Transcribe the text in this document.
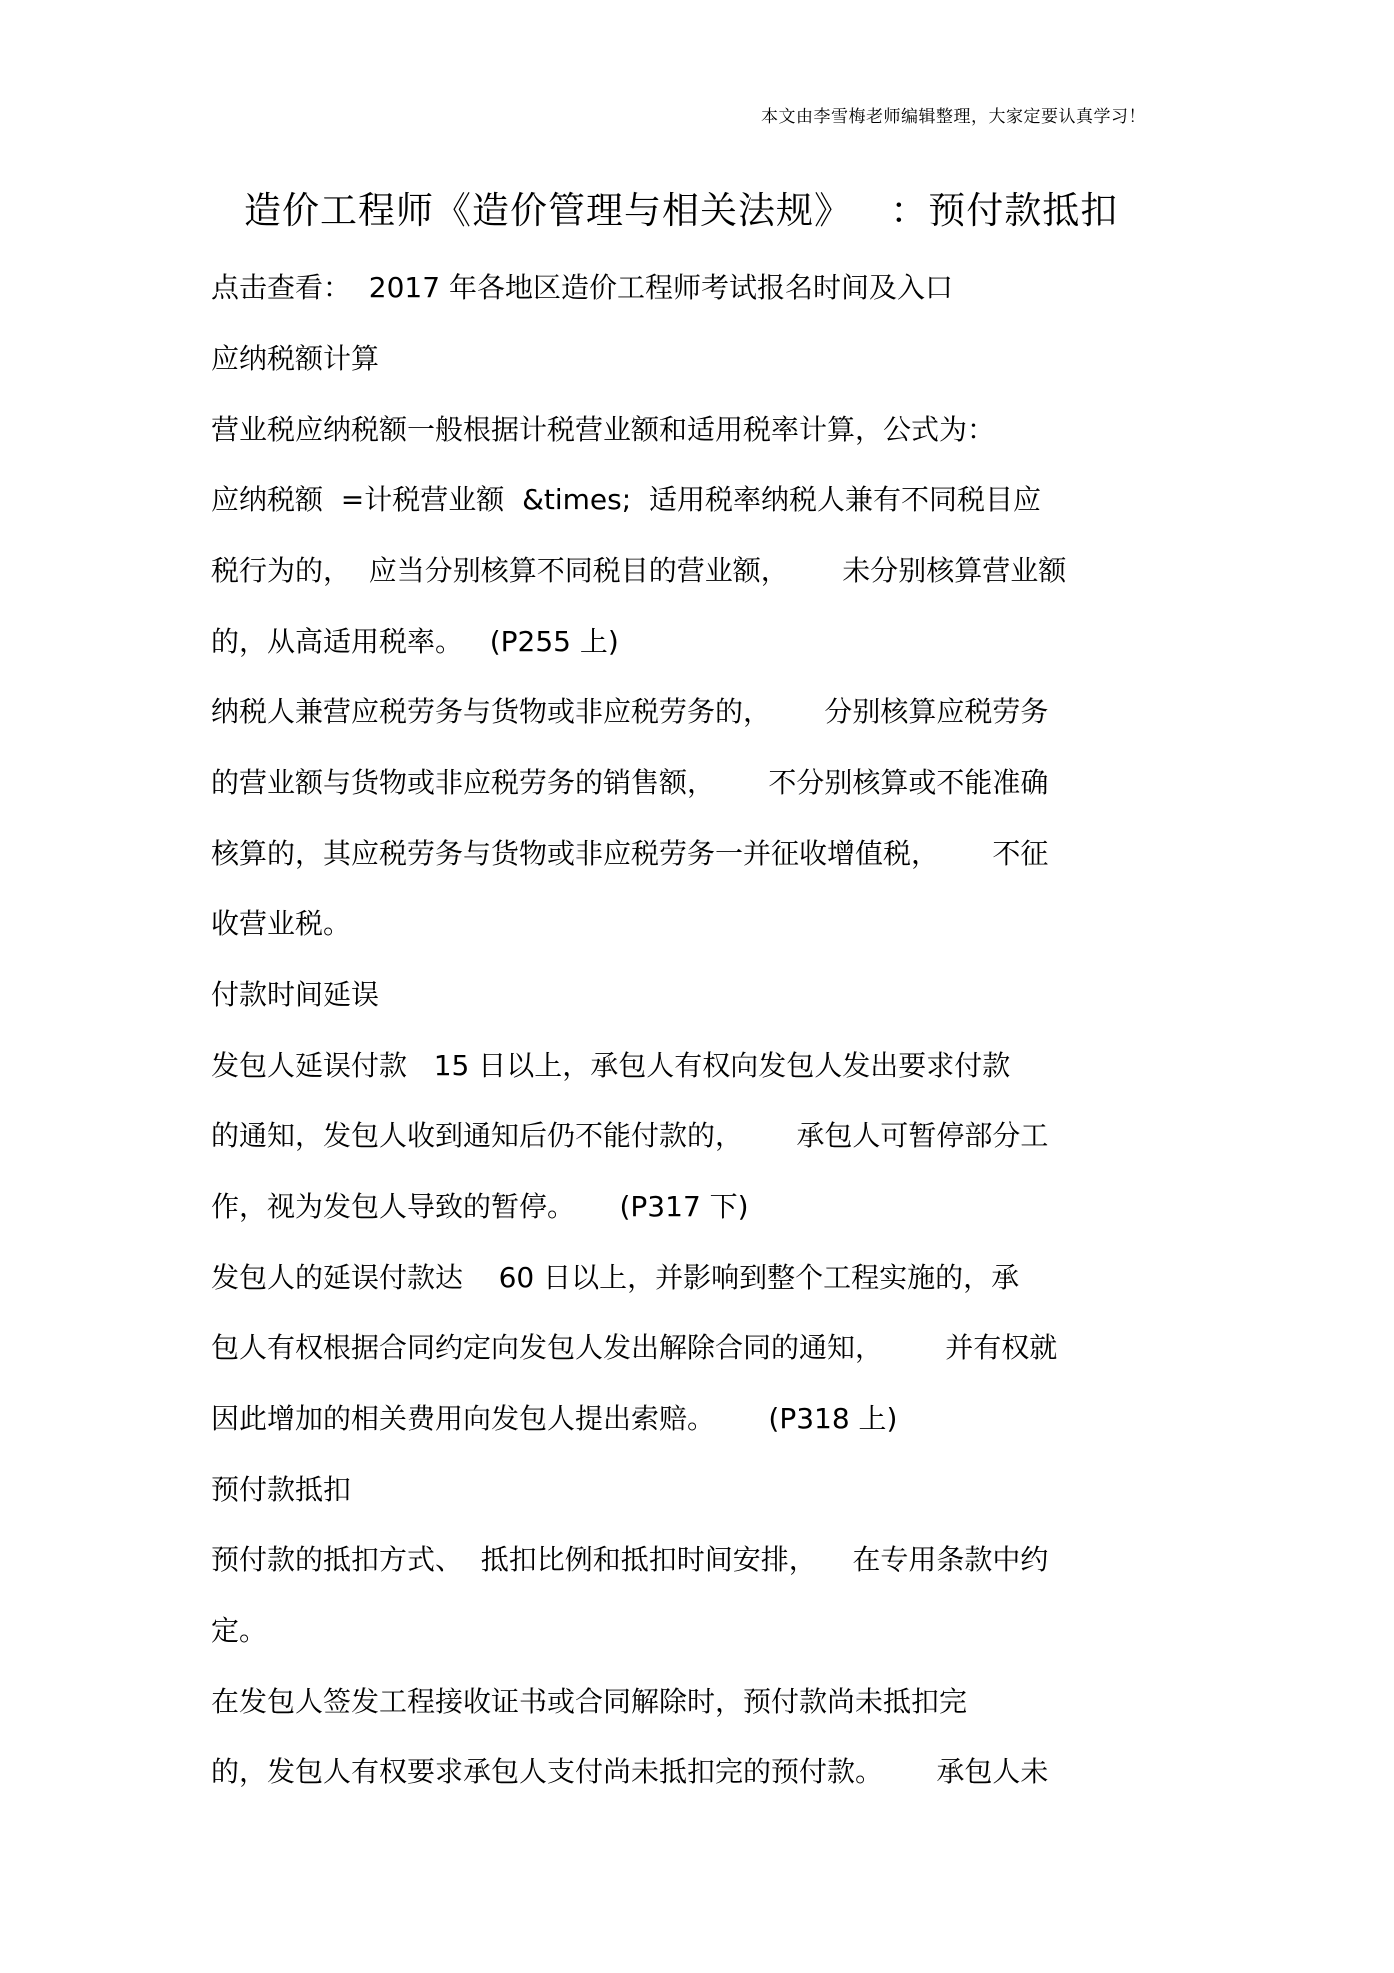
本文由李雪梅老师编辑整理，大家定要认真学习！
造价工程师《造价管理与相关法规》   ：预付款抵扣
点击查看：  2017 年各地区造价工程师考试报名时间及入口
应纳税额计算
营业税应纳税额一般根据计税营业额和适用税率计算，公式为：
应纳税额  =计税营业额  &times;  适用税率纳税人兼有不同税目应
税行为的，  应当分别核算不同税目的营业额，      未分别核算营业额
的，从高适用税率。   (P255 上)
纳税人兼营应税劳务与货物或非应税劳务的，      分别核算应税劳务
的营业额与货物或非应税劳务的销售额，      不分别核算或不能准确
核算的，其应税劳务与货物或非应税劳务一并征收增值税，      不征
收营业税。
付款时间延误
发包人延误付款   15 日以上，承包人有权向发包人发出要求付款
的通知，发包人收到通知后仍不能付款的，      承包人可暂停部分工
作，视为发包人导致的暂停。     (P317 下)
发包人的延误付款达    60 日以上，并影响到整个工程实施的，承
包人有权根据合同约定向发包人发出解除合同的通知，       并有权就
因此增加的相关费用向发包人提出索赔。      (P318 上)
预付款抵扣
预付款的抵扣方式、  抵扣比例和抵扣时间安排，    在专用条款中约
定。
在发包人签发工程接收证书或合同解除时，预付款尚未抵扣完
的，发包人有权要求承包人支付尚未抵扣完的预付款。      承包人未
